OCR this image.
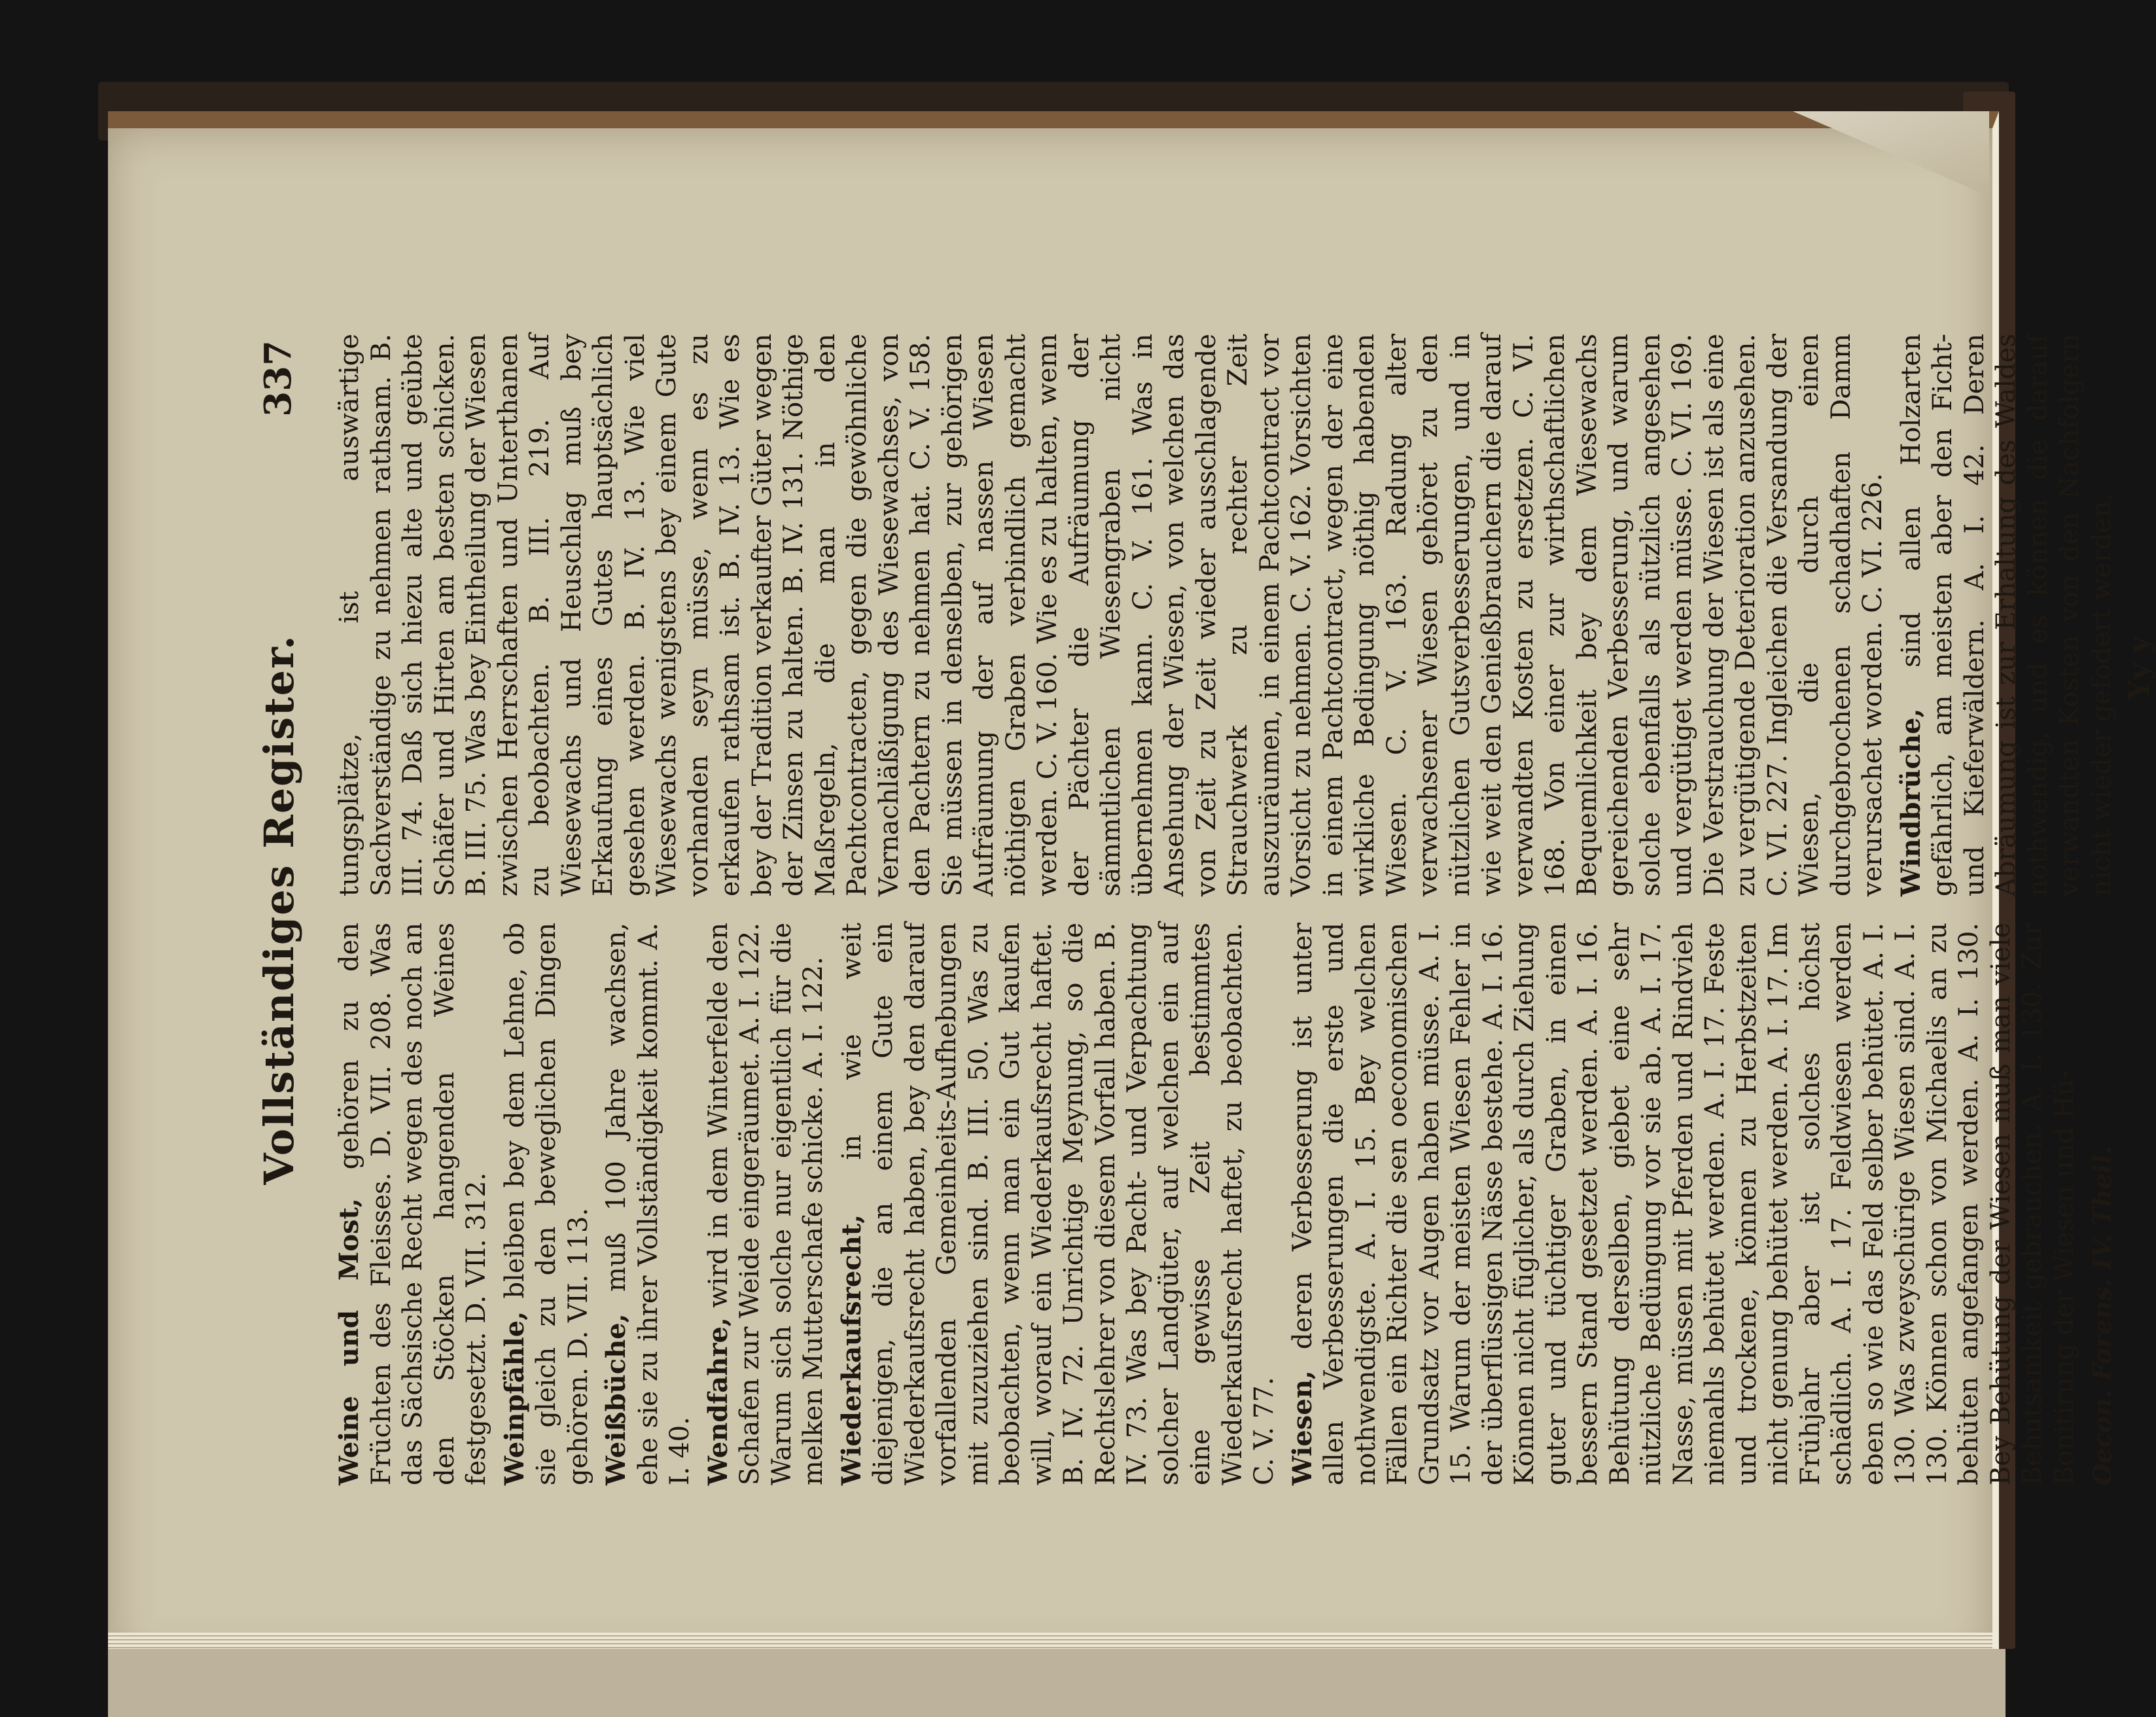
Vollständiges Register.
337

Weine und Most, gehören zu den Früchten des Fleisses. D. VII. 208. Was das Sächsische Recht wegen des noch an den Stöcken hangenden Weines festgesetzt. D. VII. 312. Weinpfähle, bleiben bey dem Lehne, ob sie gleich zu den beweglichen Dingen gehören. D. VII. 113. Weißbüche, muß 100 Jahre wachsen, ehe sie zu ihrer Vollständigkeit kommt. A. I. 40. Wendfahre, wird in dem Winterfelde den Schafen zur Weide eingeräumet. A. I. 122. Warum sich solche nur eigentlich für die melken Mutterschafe schicke. A. I. 122. Wiederkaufsrecht, in wie weit diejenigen, die an einem Gute ein Wiederkaufsrecht haben, bey den darauf vorfallenden Gemeinheits-Aufhebungen mit zuzuziehen sind. B. III. 50. Was zu beobachten, wenn man ein Gut kaufen will, worauf ein Wiederkaufsrecht haftet. B. IV. 72. Unrichtige Meynung, so die Rechtslehrer von diesem Vorfall haben. B. IV. 73. Was bey Pacht- und Verpachtung solcher Landgüter, auf welchen ein auf eine gewisse Zeit bestimmtes Wiederkaufsrecht haftet, zu beobachten. C. V. 77. Wiesen, deren Verbesserung ist unter allen Verbesserungen die erste und nothwendigste. A. I. 15. Bey welchen Fällen ein Richter die sen oeconomischen Grundsatz vor Augen haben müsse. A. I. 15. Warum der meisten Wiesen Fehler in der überflüssigen Nässe bestehe. A. I. 16. Können nicht füglicher, als durch Ziehung guter und tüchtiger Graben, in einen bessern Stand gesetzet werden. A. I. 16. Behütung derselben, giebet eine sehr nützliche Bedüngung vor sie ab. A. I. 17. Nasse, müssen mit Pferden und Rindvieh niemahls behütet werden. A. I. 17. Feste und trockene, können zu Herbstzeiten nicht genung behütet werden. A. I. 17. Im Frühjahr aber ist solches höchst schädlich. A. I. 17. Feldwiesen werden eben so wie das Feld selber behütet. A. I. 130. Was zweyschürige Wiesen sind. A. I. 130. Können schon von Michaelis an zu behüten angefangen werden. A. I. 130. Bey Behütung der Wiesen muß man viele Behutsamkeit gebrauchen. A. I. 130. Zur Bonitirung der Wiesen und Hü- Oecon. Forens. IV. Theil.

tungsplätze, ist auswärtige Sachverständige zu nehmen rathsam. B. III. 74. Daß sich hiezu alte und geübte Schäfer und Hirten am besten schicken. B. III. 75. Was bey Eintheilung der Wiesen zwischen Herrschaften und Unterthanen zu beobachten. B. III. 219. Auf Wiesewachs und Heuschlag muß bey Erkaufung eines Gutes hauptsächlich gesehen werden. B. IV. 13. Wie viel Wiesewachs wenigstens bey einem Gute vorhanden seyn müsse, wenn es zu erkaufen rathsam ist. B. IV. 13. Wie es bey der Tradition verkaufter Güter wegen der Zinsen zu halten. B. IV. 131. Nöthige Maßregeln, die man in den Pachtcontracten, gegen die gewöhnliche Vernachläßigung des Wiesewachses, von den Pachtern zu nehmen hat. C. V. 158. Sie müssen in denselben, zur gehörigen Aufräumung der auf nassen Wiesen nöthigen Graben verbindlich gemacht werden. C. V. 160. Wie es zu halten, wenn der Pächter die Aufräumung der sämmtlichen Wiesengraben nicht übernehmen kann. C. V. 161. Was in Ansehung der Wiesen, von welchen das von Zeit zu Zeit wieder ausschlagende Strauchwerk zu rechter Zeit auszuräumen, in einem Pachtcontract vor Vorsicht zu nehmen. C. V. 162. Vorsichten in einem Pachtcontract, wegen der eine wirkliche Bedingung nöthig habenden Wiesen. C. V. 163. Radung alter verwachsener Wiesen gehöret zu den nützlichen Gutsverbesserungen, und in wie weit den Genießbrauchern die darauf verwandten Kosten zu ersetzen. C. VI. 168. Von einer zur wirthschaftlichen Bequemlichkeit bey dem Wiesewachs gereichenden Verbesserung, und warum solche ebenfalls als nützlich angesehen und vergütiget werden müsse. C. VI. 169. Die Verstrauchung der Wiesen ist als eine zu vergütigende Deterioration anzusehen. C. VI. 227. Ingleichen die Versandung der Wiesen, die durch einen durchgebrochenen schadhaften Damm verursachet worden. C. VI. 226. Windbrüche, sind allen Holzarten gefährlich, am meisten aber den Ficht- und Kieferwäldern. A. I. 42. Deren Abräumung ist zur Erhaltung des Waldes nothwendig, und es können die darauf verwandten Kosten von den Nachfolgern nicht wieder gefodert werden, Yy y
